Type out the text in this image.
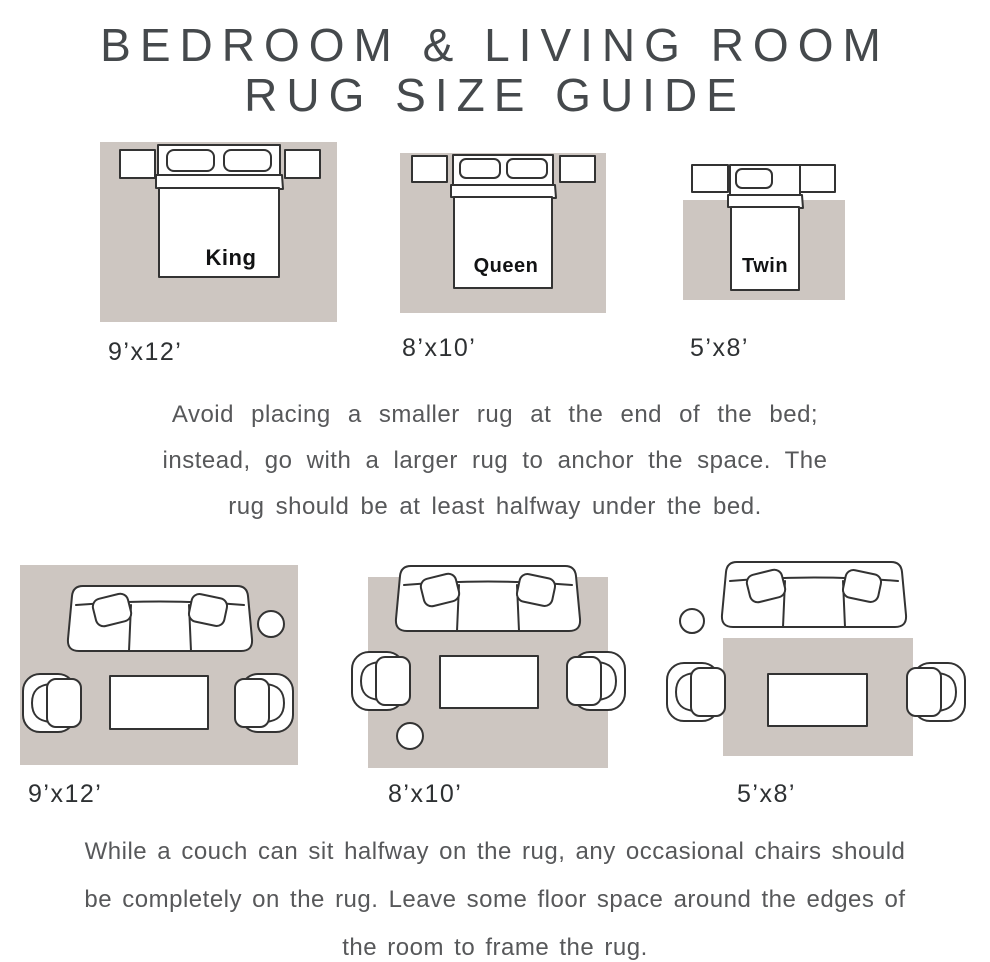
BEDROOM & LIVING ROOM
RUG SIZE GUIDE
King	Queen	Twin
9’x12’	8’x10’	5’x8’
Avoid placing a smaller rug at the end of the bed;
instead, go with a larger rug to anchor the space. The
rug should be at least halfway under the bed.
9’x12’	8’x10’	5’x8’
While a couch can sit halfway on the rug, any occasional chairs should
be completely on the rug. Leave some floor space around the edges of
the room to frame the rug.
